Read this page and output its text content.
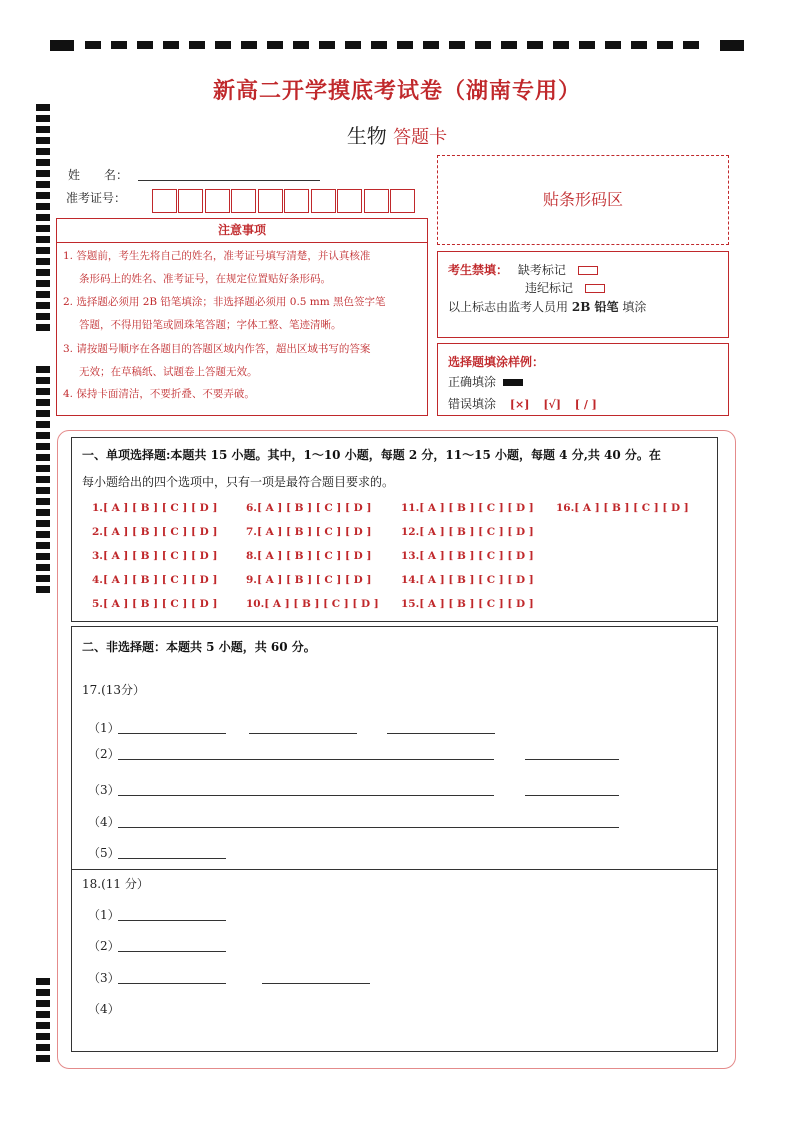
新高二开学摸底考试卷（湖南专用）
生物 答题卡
姓　　名：
准考证号：	贴条形码区
注意事项
1. 答题前，考生先将自己的姓名，准考证号填写清楚，并认真核准
条形码上的姓名、准考证号，在规定位置贴好条形码。
2. 选择题必须用 2B 铅笔填涂；非选择题必须用 0.5 mm 黑色签字笔
答题，不得用铅笔或圆珠笔答题；字体工整、笔迹清晰。
3. 请按题号顺序在各题目的答题区域内作答，超出区域书写的答案
无效；在草稿纸、试题卷上答题无效。
4. 保持卡面清洁，不要折叠、不要弄破。
考生禁填： 缺考标记
违纪标记
以上标志由监考人员用 2B 铅笔 填涂
选择题填涂样例：
正确填涂
错误填涂 [×] [√] [ / ]
一、单项选择题:本题共 15 小题。其中，1～10 小题，每题 2 分，11～15 小题，每题 4 分,共 40 分。在
每小题给出的四个选项中，只有一项是最符合题目要求的。
1.[ A ] [ B ] [ C ] [ D ]
2.[ A ] [ B ] [ C ] [ D ]
3.[ A ] [ B ] [ C ] [ D ]
4.[ A ] [ B ] [ C ] [ D ]
5.[ A ] [ B ] [ C ] [ D ]
6.[ A ] [ B ] [ C ] [ D ]
7.[ A ] [ B ] [ C ] [ D ]
8.[ A ] [ B ] [ C ] [ D ]
9.[ A ] [ B ] [ C ] [ D ]
10.[ A ] [ B ] [ C ] [ D ]
11.[ A ] [ B ] [ C ] [ D ]
12.[ A ] [ B ] [ C ] [ D ]
13.[ A ] [ B ] [ C ] [ D ]
14.[ A ] [ B ] [ C ] [ D ]
15.[ A ] [ B ] [ C ] [ D ]
16.[ A ] [ B ] [ C ] [ D ]
二、非选择题：本题共 5 小题，共 60 分。
17.(13分）
（1）
（2）
（3）
（4）
（5）
18.(11 分）
（1）
（2）
（3）
（4）
